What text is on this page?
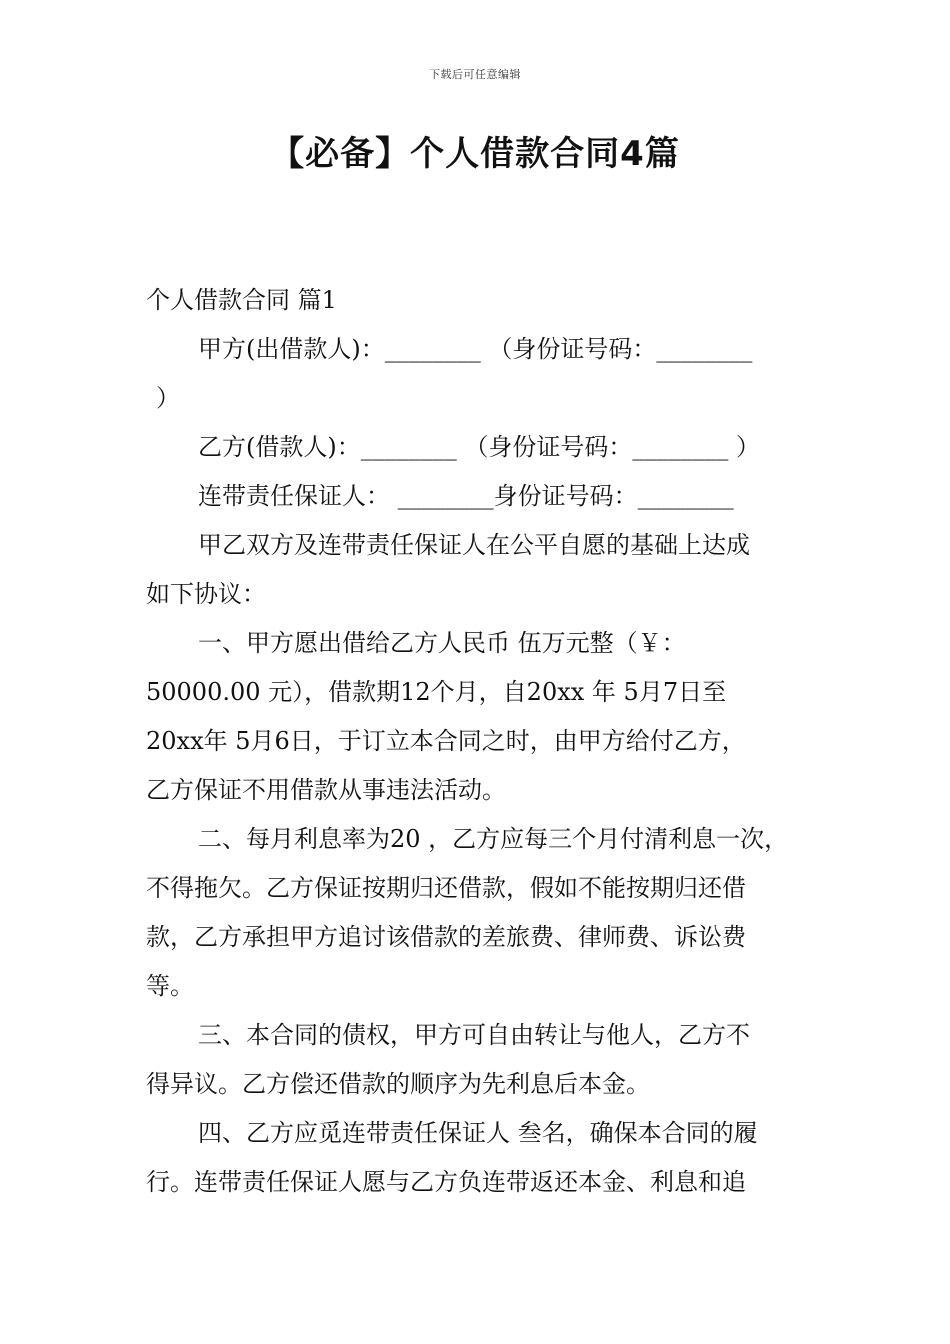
下载后可任意编辑
【必备】个人借款合同4篇
个人借款合同 篇1
甲方(出借款人)：________ （身份证号码：________
）
乙方(借款人)：________ （身份证号码：________ ）
连带责任保证人： ________身份证号码：________
甲乙双方及连带责任保证人在公平自愿的基础上达成
如下协议：
一、甲方愿出借给乙方人民币 伍万元整（￥：
50000.00 元），借款期12个月，自20xx 年 5月7日至
20xx年 5月6日，于订立本合同之时，由甲方给付乙方，
乙方保证不用借款从事违法活动。
二、每月利息率为20 ，乙方应每三个月付清利息一次，
不得拖欠。乙方保证按期归还借款，假如不能按期归还借
款，乙方承担甲方追讨该借款的差旅费、律师费、诉讼费
等。
三、本合同的债权，甲方可自由转让与他人，乙方不
得异议。乙方偿还借款的顺序为先利息后本金。
四、乙方应觅连带责任保证人 叁名，确保本合同的履
行。连带责任保证人愿与乙方负连带返还本金、利息和追
